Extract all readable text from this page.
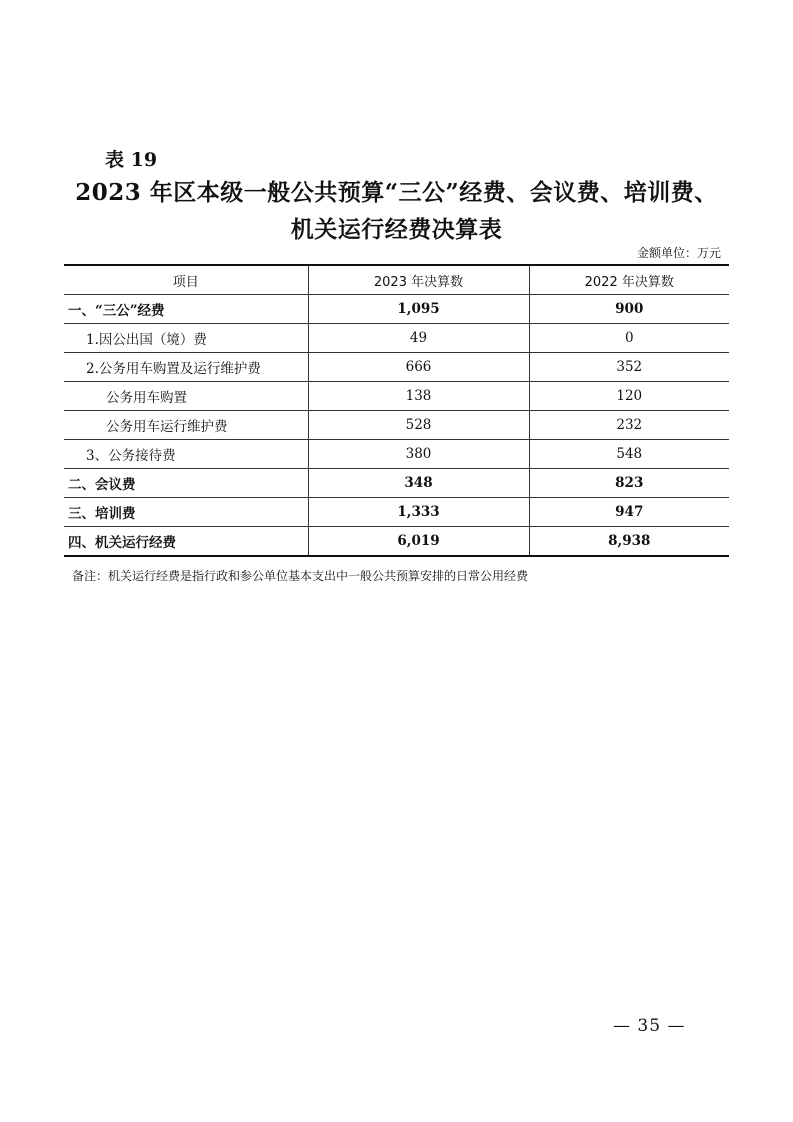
表 19
2023 年区本级一般公共预算“三公”经费、会议费、培训费、
机关运行经费决算表
金额单位：万元
项目	2023 年决算数	2022 年决算数
一、“三公”经费	1,095	900
1.因公出国（境）费	49	0
2.公务用车购置及运行维护费	666	352
公务用车购置	138	120
公务用车运行维护费	528	232
3、公务接待费	380	548
二、会议费	348	823
三、培训费	1,333	947
四、机关运行经费	6,019	8,938
备注：机关运行经费是指行政和参公单位基本支出中一般公共预算安排的日常公用经费
— 35 —
